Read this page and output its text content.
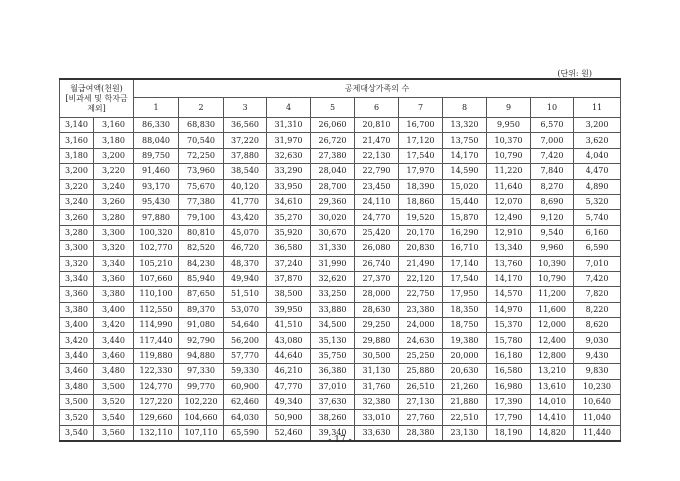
(단위: 원)
월급여액(천원)
[비과세 및 학자금
제외]		공제대상가족의 수										
		1	2	3	4	5	6	7	8	9	10	11
3,140	3,160	86,330	68,830	36,560	31,310	26,060	20,810	16,700	13,320	9,950	6,570	3,200
3,160	3,180	88,040	70,540	37,220	31,970	26,720	21,470	17,120	13,750	10,370	7,000	3,620
3,180	3,200	89,750	72,250	37,880	32,630	27,380	22,130	17,540	14,170	10,790	7,420	4,040
3,200	3,220	91,460	73,960	38,540	33,290	28,040	22,790	17,970	14,590	11,220	7,840	4,470
3,220	3,240	93,170	75,670	40,120	33,950	28,700	23,450	18,390	15,020	11,640	8,270	4,890
3,240	3,260	95,430	77,380	41,770	34,610	29,360	24,110	18,860	15,440	12,070	8,690	5,320
3,260	3,280	97,880	79,100	43,420	35,270	30,020	24,770	19,520	15,870	12,490	9,120	5,740
3,280	3,300	100,320	80,810	45,070	35,920	30,670	25,420	20,170	16,290	12,910	9,540	6,160
3,300	3,320	102,770	82,520	46,720	36,580	31,330	26,080	20,830	16,710	13,340	9,960	6,590
3,320	3,340	105,210	84,230	48,370	37,240	31,990	26,740	21,490	17,140	13,760	10,390	7,010
3,340	3,360	107,660	85,940	49,940	37,870	32,620	27,370	22,120	17,540	14,170	10,790	7,420
3,360	3,380	110,100	87,650	51,510	38,500	33,250	28,000	22,750	17,950	14,570	11,200	7,820
3,380	3,400	112,550	89,370	53,070	39,950	33,880	28,630	23,380	18,350	14,970	11,600	8,220
3,400	3,420	114,990	91,080	54,640	41,510	34,500	29,250	24,000	18,750	15,370	12,000	8,620
3,420	3,440	117,440	92,790	56,200	43,080	35,130	29,880	24,630	19,380	15,780	12,400	9,030
3,440	3,460	119,880	94,880	57,770	44,640	35,750	30,500	25,250	20,000	16,180	12,800	9,430
3,460	3,480	122,330	97,330	59,330	46,210	36,380	31,130	25,880	20,630	16,580	13,210	9,830
3,480	3,500	124,770	99,770	60,900	47,770	37,010	31,760	26,510	21,260	16,980	13,610	10,230
3,500	3,520	127,220	102,220	62,460	49,340	37,630	32,380	27,130	21,880	17,390	14,010	10,640
3,520	3,540	129,660	104,660	64,030	50,900	38,260	33,010	27,760	22,510	17,790	14,410	11,040
3,540	3,560	132,110	107,110	65,590	52,460	39,340	33,630	28,380	23,130	18,190	14,820	11,440
- 17 -
